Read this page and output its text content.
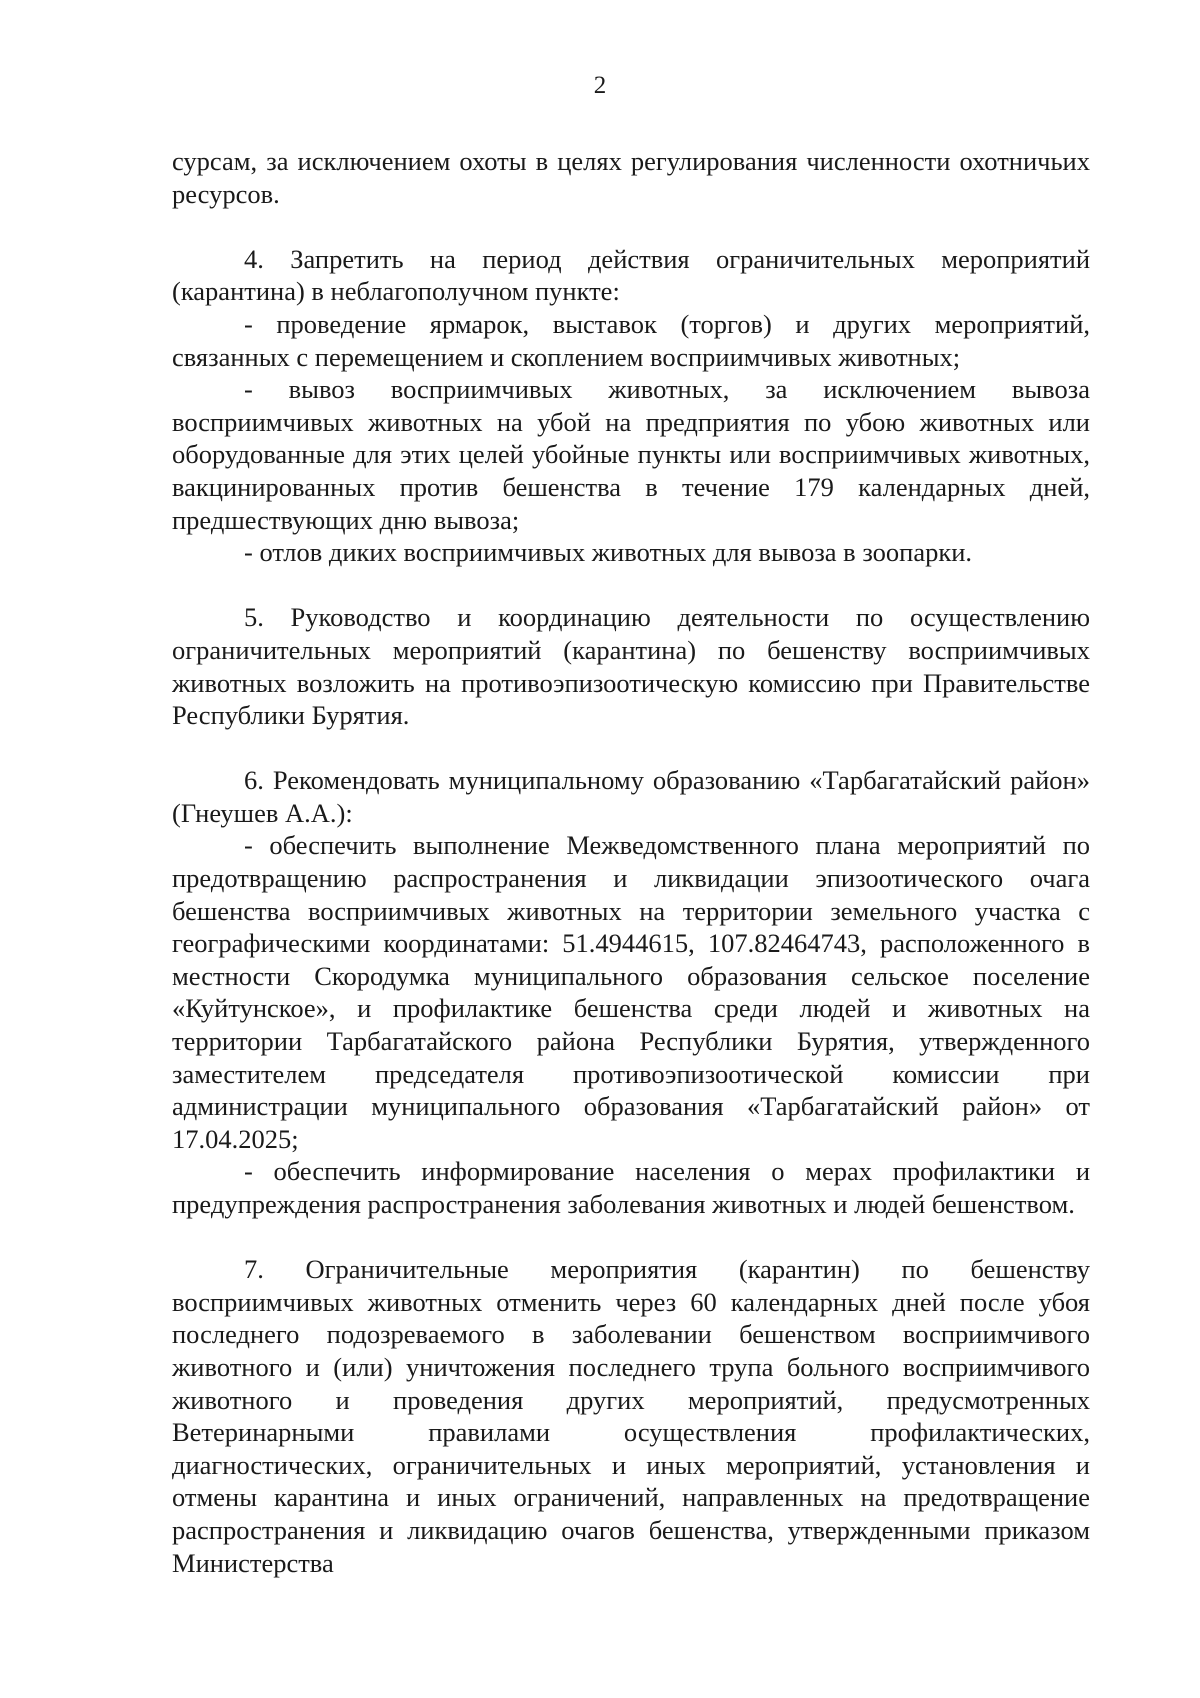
2

сурсам, за исключением охоты в целях регулирования численности охотничьих ресурсов.

4. Запретить на период действия ограничительных мероприятий (карантина) в неблагополучном пункте:

- проведение ярмарок, выставок (торгов) и других мероприятий, связанных с перемещением и скоплением восприимчивых животных;

- вывоз восприимчивых животных, за исключением вывоза восприимчивых животных на убой на предприятия по убою животных или оборудованные для этих целей убойные пункты или восприимчивых животных, вакцинированных против бешенства в течение 179 календарных дней, предшествующих дню вывоза;

- отлов диких восприимчивых животных для вывоза в зоопарки.

5. Руководство и координацию деятельности по осуществлению ограничительных мероприятий (карантина) по бешенству восприимчивых животных возложить на противоэпизоотическую комиссию при Правительстве Республики Бурятия.

6. Рекомендовать муниципальному образованию «Тарбагатайский район» (Гнеушев А.А.):

- обеспечить выполнение Межведомственного плана мероприятий по предотвращению распространения и ликвидации эпизоотического очага бешенства восприимчивых животных на территории земельного участка с географическими координатами: 51.4944615, 107.82464743, расположенного в местности Скородумка муниципального образования сельское поселение «Куйтунское», и профилактике бешенства среди людей и животных на территории Тарбагатайского района Республики Бурятия, утвержденного заместителем председателя противоэпизоотической комиссии при администрации муниципального образования «Тарбагатайский район» от 17.04.2025;

- обеспечить информирование населения о мерах профилактики и предупреждения распространения заболевания животных и людей бешенством.

7. Ограничительные мероприятия (карантин) по бешенству восприимчивых животных отменить через 60 календарных дней после убоя последнего подозреваемого в заболевании бешенством восприимчивого животного и (или) уничтожения последнего трупа больного восприимчивого животного и проведения других мероприятий, предусмотренных Ветеринарными правилами осуществления профилактических, диагностических, ограничительных и иных мероприятий, установления и отмены карантина и иных ограничений, направленных на предотвращение распространения и ликвидацию очагов бешенства, утвержденными приказом Министерства
